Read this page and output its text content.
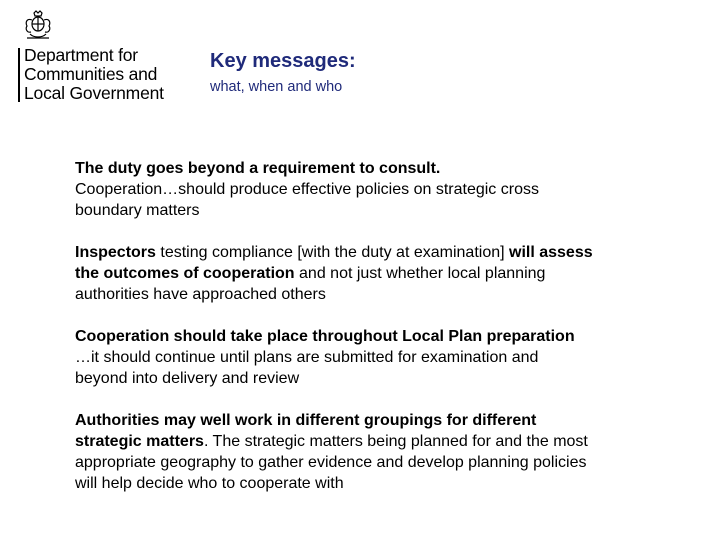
Department for
Communities and
Local Government
Key messages:
what, when and who
The duty goes beyond a requirement to consult.
Cooperation…should produce effective policies on strategic cross
boundary matters
Inspectors testing compliance [with the duty at examination] will assess
the outcomes of cooperation and not just whether local planning
authorities have approached others
Cooperation should take place throughout Local Plan preparation
…it should continue until plans are submitted for examination and
beyond into delivery and review
Authorities may well work in different groupings for different
strategic matters. The strategic matters being planned for and the most
appropriate geography to gather evidence and develop planning policies
will help decide who to cooperate with
